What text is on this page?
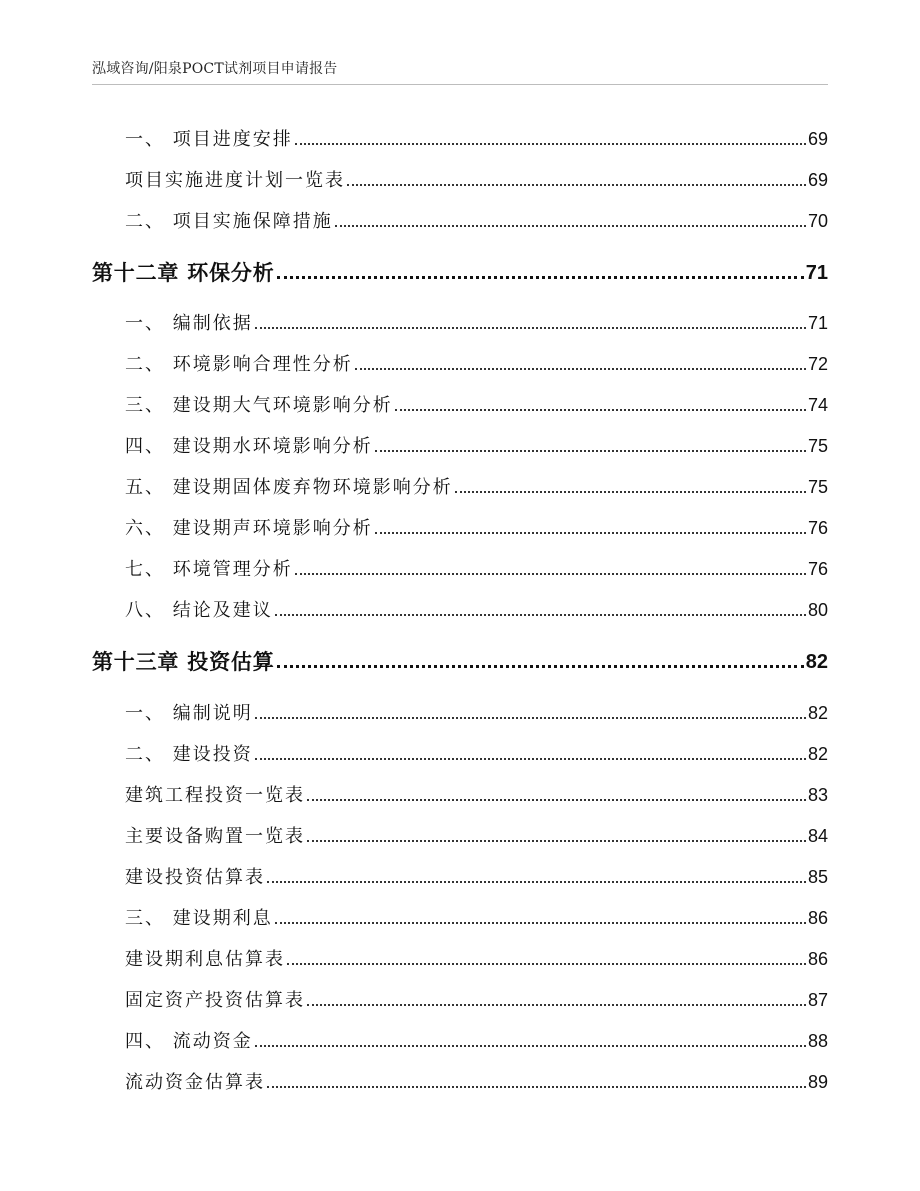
泓域咨询/阳泉POCT试剂项目申请报告
一、 项目进度安排	69
项目实施进度计划一览表	69
二、 项目实施保障措施	70
第十二章 环保分析	71
一、 编制依据	71
二、 环境影响合理性分析	72
三、 建设期大气环境影响分析	74
四、 建设期水环境影响分析	75
五、 建设期固体废弃物环境影响分析	75
六、 建设期声环境影响分析	76
七、 环境管理分析	76
八、 结论及建议	80
第十三章 投资估算	82
一、 编制说明	82
二、 建设投资	82
建筑工程投资一览表	83
主要设备购置一览表	84
建设投资估算表	85
三、 建设期利息	86
建设期利息估算表	86
固定资产投资估算表	87
四、 流动资金	88
流动资金估算表	89
